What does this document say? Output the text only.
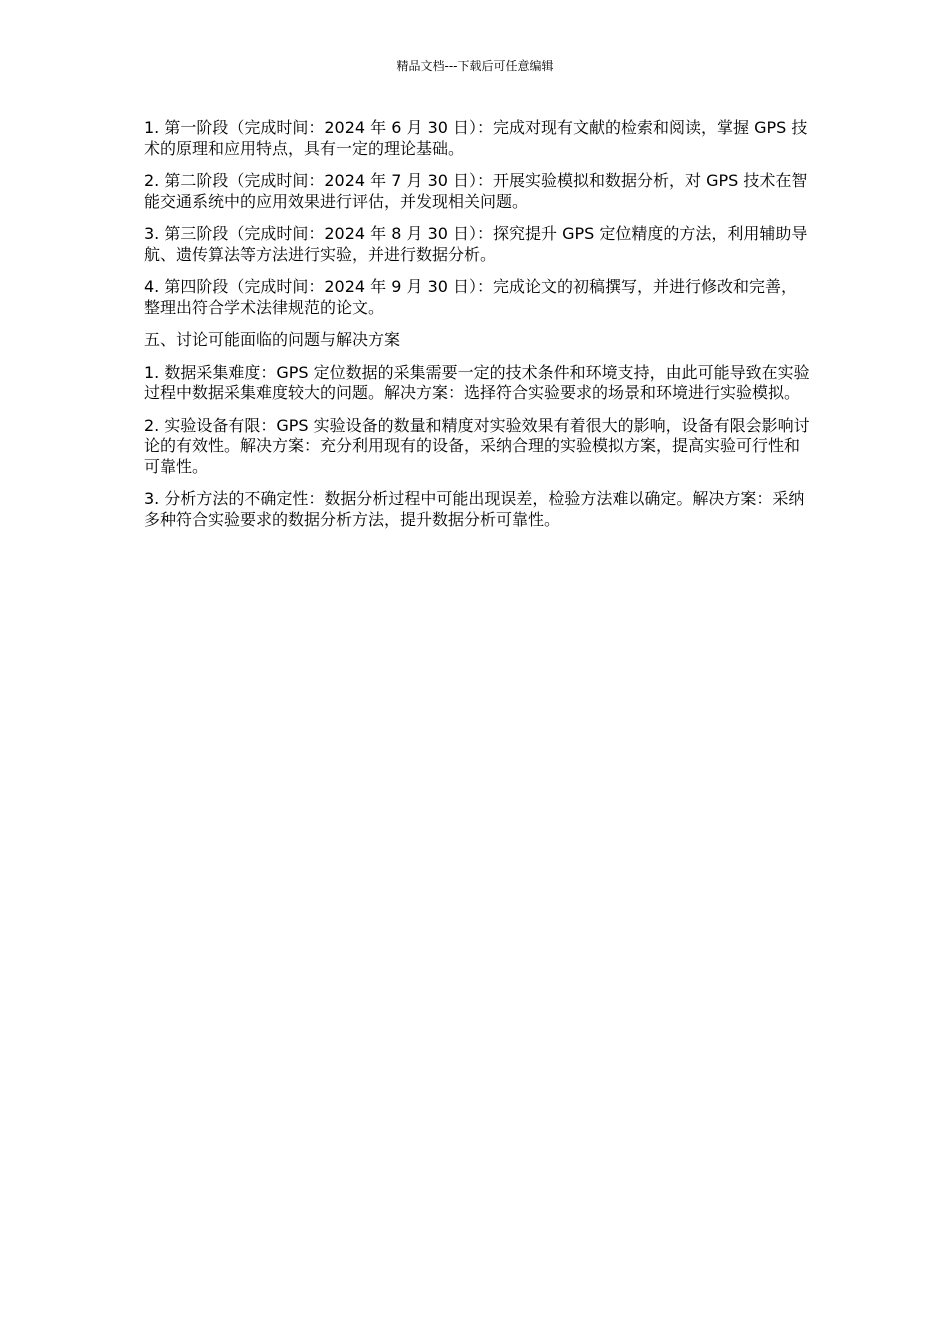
精品文档---下载后可任意编辑

1. 第一阶段（完成时间：2024 年 6 月 30 日）：完成对现有文献的检索和阅读，掌握 GPS 技术的原理和应用特点，具有一定的理论基础。

2. 第二阶段（完成时间：2024 年 7 月 30 日）：开展实验模拟和数据分析，对 GPS 技术在智能交通系统中的应用效果进行评估，并发现相关问题。

3. 第三阶段（完成时间：2024 年 8 月 30 日）：探究提升 GPS 定位精度的方法，利用辅助导航、遗传算法等方法进行实验，并进行数据分析。

4. 第四阶段（完成时间：2024 年 9 月 30 日）：完成论文的初稿撰写，并进行修改和完善，整理出符合学术法律规范的论文。

五、讨论可能面临的问题与解决方案

1. 数据采集难度：GPS 定位数据的采集需要一定的技术条件和环境支持，由此可能导致在实验过程中数据采集难度较大的问题。解决方案：选择符合实验要求的场景和环境进行实验模拟。

2. 实验设备有限：GPS 实验设备的数量和精度对实验效果有着很大的影响，设备有限会影响讨论的有效性。解决方案：充分利用现有的设备，采纳合理的实验模拟方案，提高实验可行性和可靠性。

3. 分析方法的不确定性：数据分析过程中可能出现误差，检验方法难以确定。解决方案：采纳多种符合实验要求的数据分析方法，提升数据分析可靠性。
